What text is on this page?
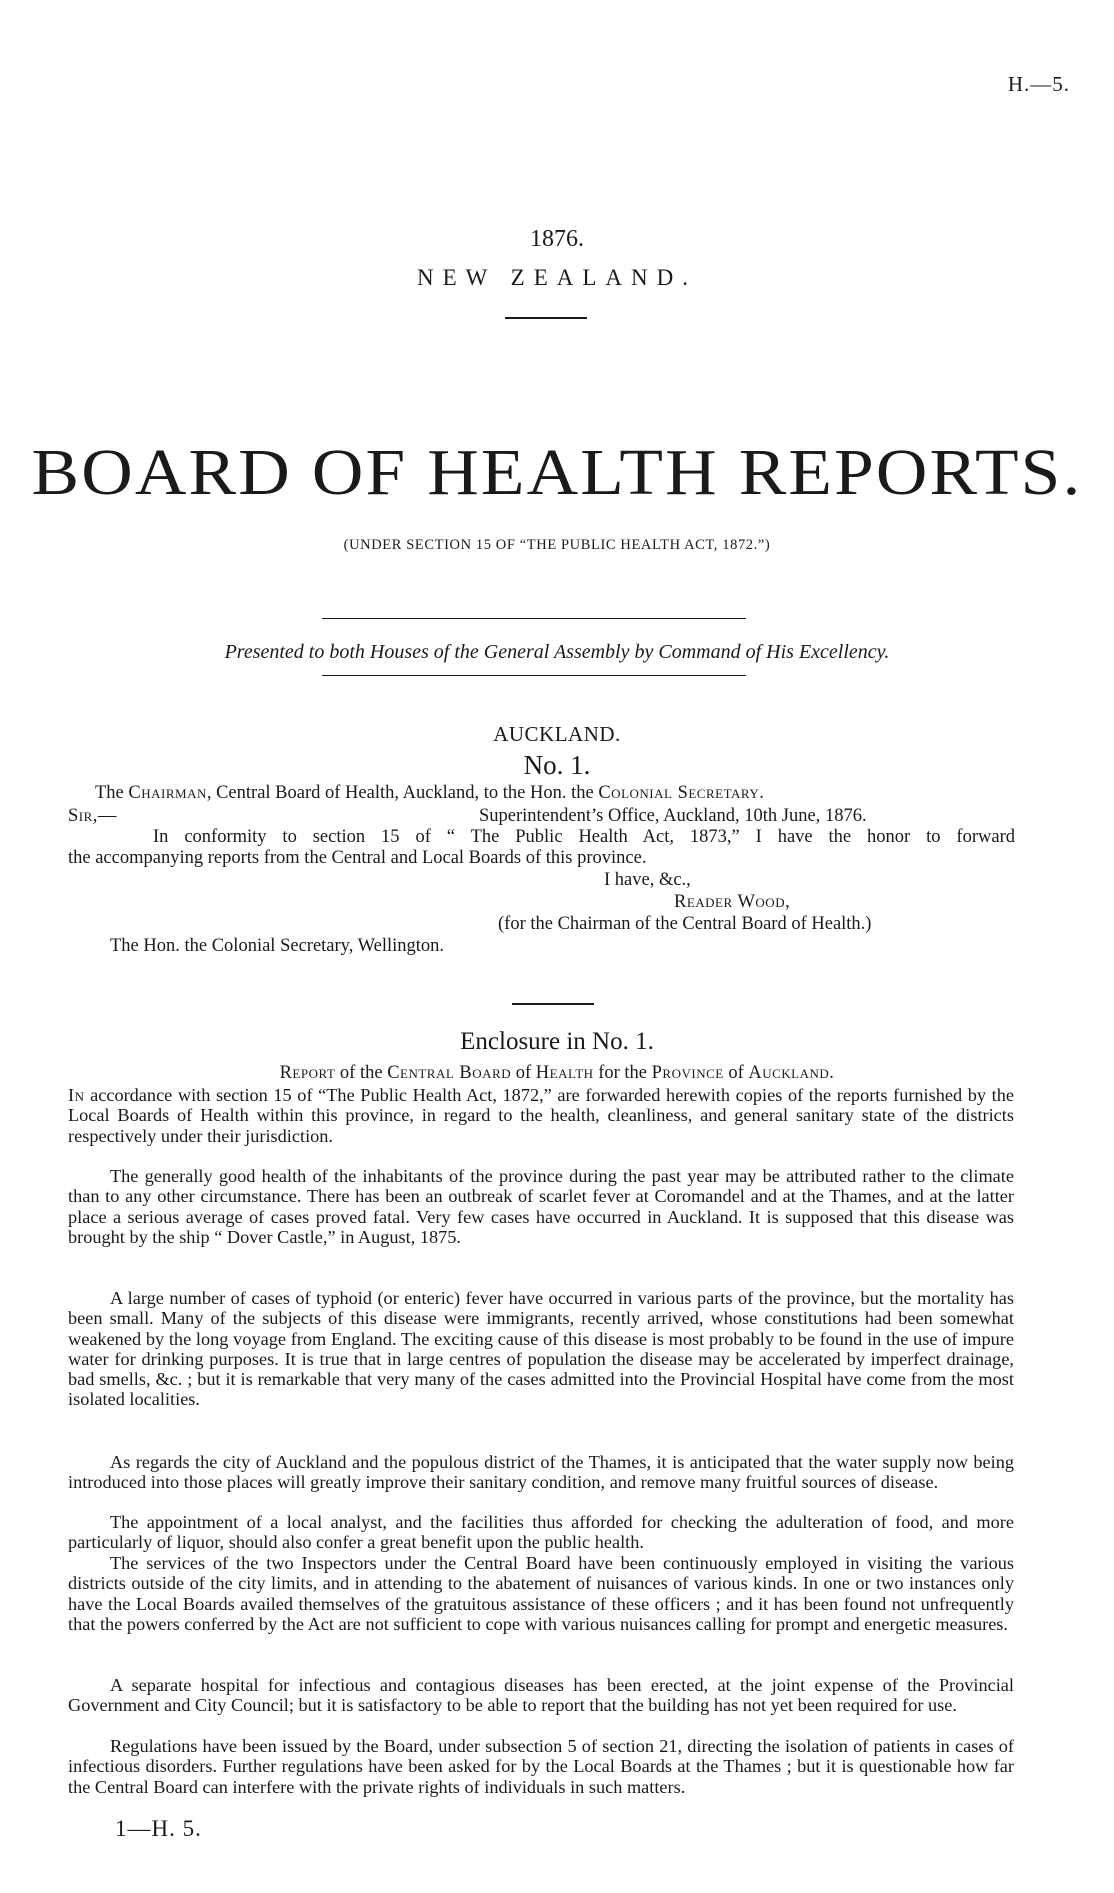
H.—5.
1876.
NEW ZEALAND.
BOARD OF HEALTH REPORTS.
(UNDER SECTION 15 OF “THE PUBLIC HEALTH ACT, 1872.”)
Presented to both Houses of the General Assembly by Command of His Excellency.
AUCKLAND.
No. 1.
The Chairman, Central Board of Health, Auckland, to the Hon. the Colonial Secretary.
Sir,—	Superintendent’s Office, Auckland, 10th June, 1876.
In conformity to section 15 of “ The Public Health Act, 1873,” I have the honor to forward
the accompanying reports from the Central and Local Boards of this province.
I have, &c.,
Reader Wood,
(for the Chairman of the Central Board of Health.)
The Hon. the Colonial Secretary, Wellington.
Enclosure in No. 1.
Report of the Central Board of Health for the Province of Auckland.

In accordance with section 15 of “The Public Health Act, 1872,” are forwarded herewith copies of the reports furnished by the Local Boards of Health within this province, in regard to the health, cleanliness, and general sanitary state of the districts respectively under their jurisdiction.

The generally good health of the inhabitants of the province during the past year may be attributed rather to the climate than to any other circumstance. There has been an outbreak of scarlet fever at Coromandel and at the Thames, and at the latter place a serious average of cases proved fatal. Very few cases have occurred in Auckland. It is supposed that this disease was brought by the ship “ Dover Castle,” in August, 1875.

A large number of cases of typhoid (or enteric) fever have occurred in various parts of the province, but the mortality has been small. Many of the subjects of this disease were immigrants, recently arrived, whose constitutions had been somewhat weakened by the long voyage from England. The exciting cause of this disease is most probably to be found in the use of impure water for drinking purposes. It is true that in large centres of population the disease may be accelerated by imperfect drainage, bad smells, &c. ; but it is remarkable that very many of the cases admitted into the Provincial Hospital have come from the most isolated localities.

As regards the city of Auckland and the populous district of the Thames, it is anticipated that the water supply now being introduced into those places will greatly improve their sanitary condition, and remove many fruitful sources of disease.

The appointment of a local analyst, and the facilities thus afforded for checking the adulteration of food, and more particularly of liquor, should also confer a great benefit upon the public health.

The services of the two Inspectors under the Central Board have been continuously employed in visiting the various districts outside of the city limits, and in attending to the abatement of nuisances of various kinds. In one or two instances only have the Local Boards availed themselves of the gratuitous assistance of these officers ; and it has been found not unfrequently that the powers conferred by the Act are not sufficient to cope with various nuisances calling for prompt and energetic measures.

A separate hospital for infectious and contagious diseases has been erected, at the joint expense of the Provincial Government and City Council; but it is satisfactory to be able to report that the building has not yet been required for use.

Regulations have been issued by the Board, under subsection 5 of section 21, directing the isolation of patients in cases of infectious disorders. Further regulations have been asked for by the Local Boards at the Thames ; but it is questionable how far the Central Board can interfere with the private rights of individuals in such matters.

1—H. 5.
